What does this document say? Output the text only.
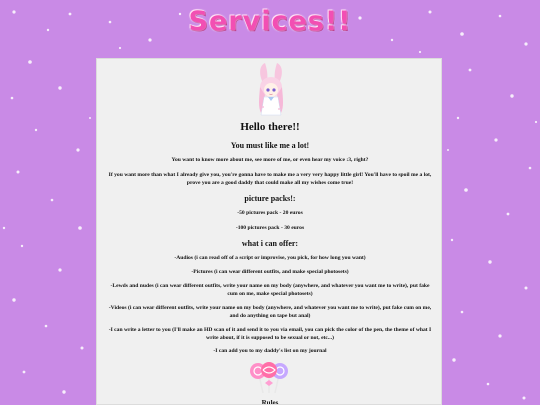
Services!!
Hello there!!
You must like me a lot!
You want to know more about me, see more of me, or even hear my voice :3, right?
If you want more than what I already give you, you're gonna have to make me a very very happy little girl! You'll have to spoil me a lot, prove you are a good daddy that could make all my wishes come true!
picture packs!:
-50 pictures pack - 20 euros
-100 pictures pack - 30 euros
what i can offer:
-Audios (i can read off of a script or improvise, you pick, for how long you want)
-Pictures (i can wear different outfits, and make special photosets)
-Lewds and nudes (i can wear different outfits, write your name on my body (anywhere, and whatever you want me to write), put fake cum on me, make special photosets)
-Videos (i can wear different outfits, write your name on my body (anywhere, and whatever you want me to write), put fake cum on me, and do anything on tape but anal)
-I can write a letter to you (I'll make an HD scan of it and send it to you via email, you can pick the color of the pen, the theme of what I write about, if it is supposed to be sexual or not, etc...)
-I can add you to my daddy's list on my journal
Rules
